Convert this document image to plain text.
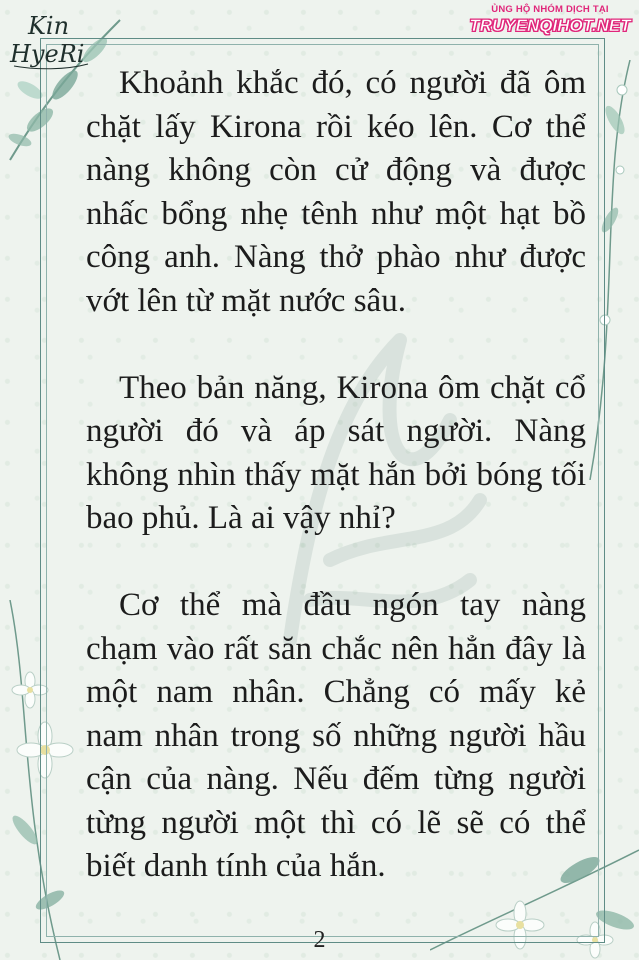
Kin
HyeRi
ỦNG HỘ NHÓM DỊCH TẠI
TRUYENQIHOT.NET

Khoảnh khắc đó, có người đã ôm chặt lấy Kirona rồi kéo lên. Cơ thể nàng không còn cử động và được nhấc bổng nhẹ tênh như một hạt bồ công anh. Nàng thở phào như được vớt lên từ mặt nước sâu.

Theo bản năng, Kirona ôm chặt cổ người đó và áp sát người. Nàng không nhìn thấy mặt hắn bởi bóng tối bao phủ. Là ai vậy nhỉ?

Cơ thể mà đầu ngón tay nàng chạm vào rất săn chắc nên hẳn đây là một nam nhân. Chẳng có mấy kẻ nam nhân trong số những người hầu cận của nàng. Nếu đếm từng người từng người một thì có lẽ sẽ có thể biết danh tính của hắn.

2
